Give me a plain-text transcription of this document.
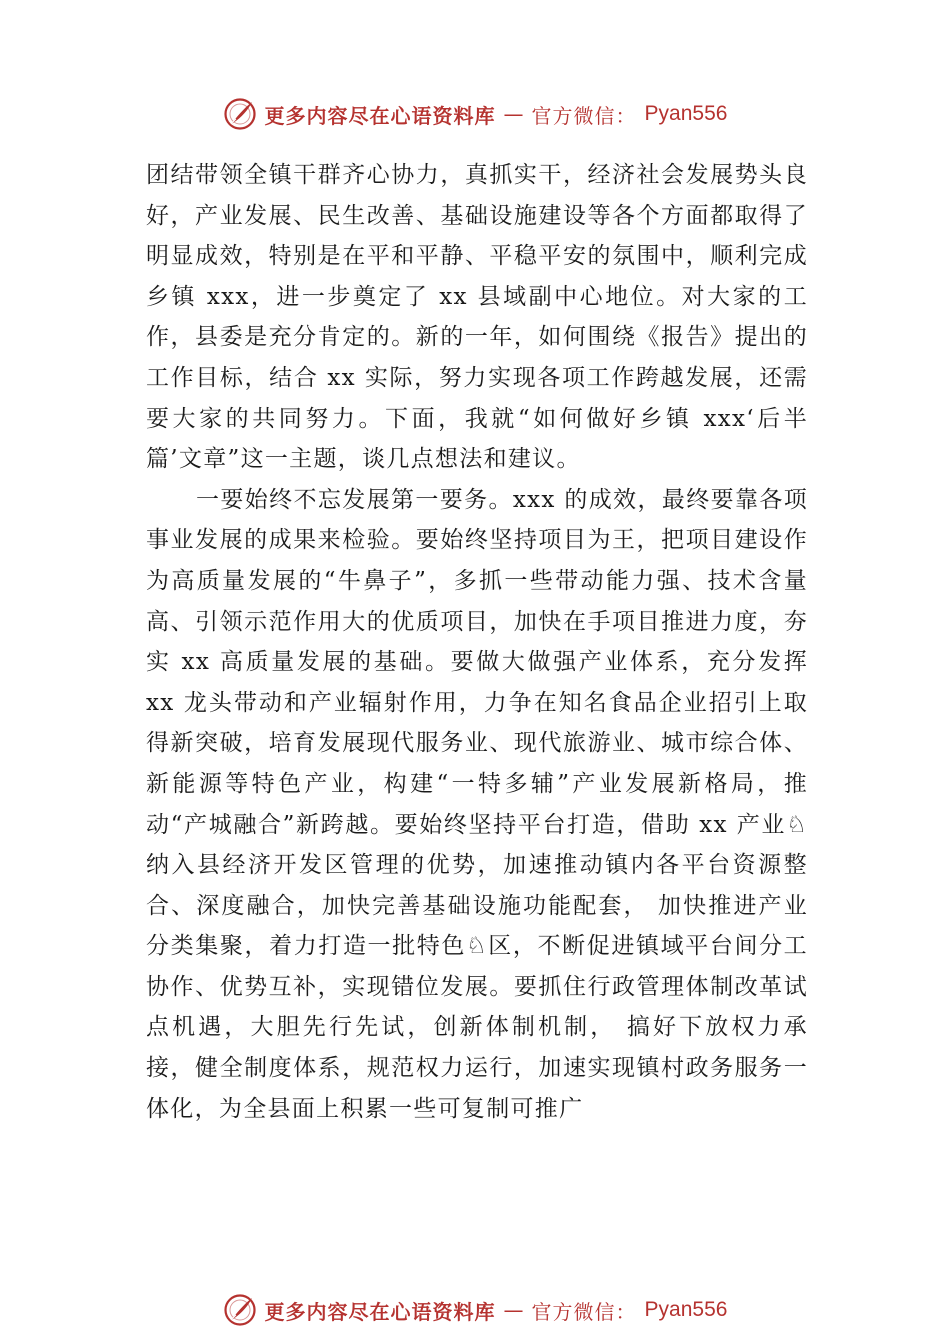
更多内容尽在心语资料库 — 官方微信： Pyan556

团结带领全镇干群齐心协力，真抓实干，经济社会发展势头良好，产业发展、民生改善、基础设施建设等各个方面都取得了明显成效，特别是在平和平静、平稳平安的氛围中，顺利完成乡镇 xxx，进一步奠定了 xx 县域副中心地位。对大家的工作，县委是充分肯定的。新的一年，如何围绕《报告》提出的工作目标，结合 xx 实际，努力实现各项工作跨越发展，还需要大家的共同努力。下面，我就“如何做好乡镇 xxx‘后半篇’文章”这一主题，谈几点想法和建议。

一要始终不忘发展第一要务。xxx 的成效，最终要靠各项事业发展的成果来检验。要始终坚持项目为王，把项目建设作为高质量发展的“牛鼻子”，多抓一些带动能力强、技术含量高、引领示范作用大的优质项目，加快在手项目推进力度，夯实 xx 高质量发展的基础。要做大做强产业体系，充分发挥 xx 龙头带动和产业辐射作用，力争在知名食品企业招引上取得新突破，培育发展现代服务业、现代旅游业、城市综合体、新能源等特色产业，构建“一特多辅”产业发展新格局，推动“产城融合”新跨越。要始终坚持平台打造，借助 xx 产业♘纳入县经济开发区管理的优势，加速推动镇内各平台资源整合、深度融合，加快完善基础设施功能配套， 加快推进产业分类集聚，着力打造一批特色♘区，不断促进镇域平台间分工协作、优势互补，实现错位发展。要抓住行政管理体制改革试点机遇，大胆先行先试，创新体制机制， 搞好下放权力承接，健全制度体系，规范权力运行，加速实现镇村政务服务一体化，为全县面上积累一些可复制可推广

更多内容尽在心语资料库 — 官方微信： Pyan556
